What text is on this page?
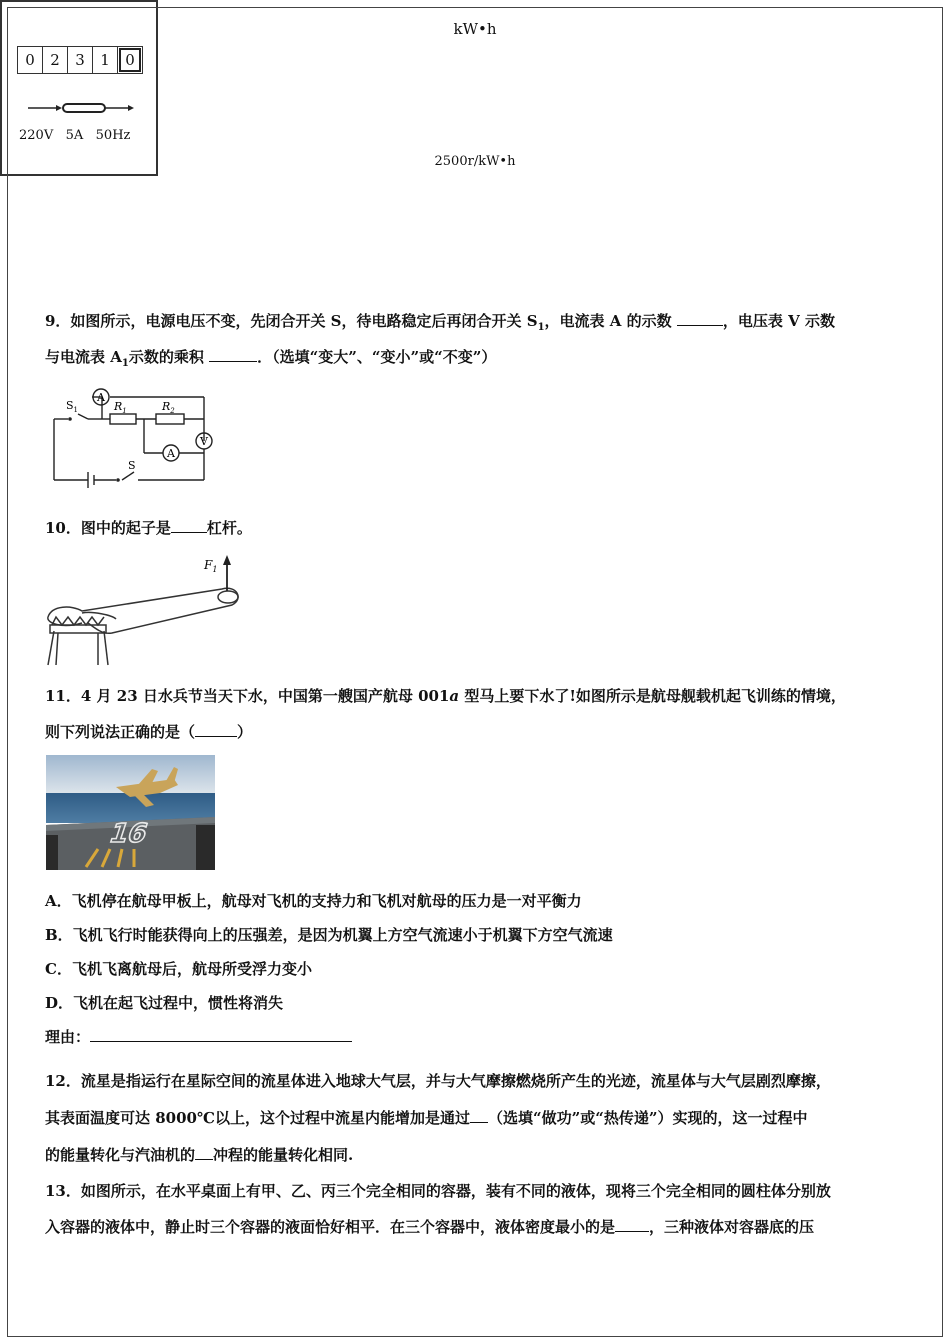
kW•h
0	2	3	1	0
220V   5A   50Hz
2500r/kW•h
9．如图所示，电源电压不变，先闭合开关 S，待电路稳定后再闭合开关 $S_1$，电流表 A 的示数	，电压表 V 示数
与电流表 $A_1$示数的乘积	．（选填“变大”、“变小”或“不变”）
$S_1$
A
$R_1$	$R_2$
V
A
S
10．图中的起子是 杠杆。
$F_1$
11．4 月 23 日水兵节当天下水，中国第一艘国产航母 001a 型马上要下水了!如图所示是航母舰载机起飞训练的情境，
则下列说法正确的是（	）
16
A．飞机停在航母甲板上，航母对飞机的支持力和飞机对航母的压力是一对平衡力
B．飞机飞行时能获得向上的压强差，是因为机翼上方空气流速小于机翼下方空气流速
C．飞机飞离航母后，航母所受浮力变小
D．飞机在起飞过程中，惯性将消失
理由：
12．流星是指运行在星际空间的流星体进入地球大气层，并与大气摩擦燃烧所产生的光迹，流星体与大气层剧烈摩擦，
其表面温度可达 8000℃以上，这个过程中流星内能增加是通过 （选填“做功”或“热传递”）实现的，这一过程中
的能量转化与汽油机的 冲程的能量转化相同.
13．如图所示，在水平桌面上有甲、乙、丙三个完全相同的容器，装有不同的液体，现将三个完全相同的圆柱体分别放
入容器的液体中，静止时三个容器的液面恰好相平．在三个容器中，液体密度最小的是 ，三种液体对容器底的压
